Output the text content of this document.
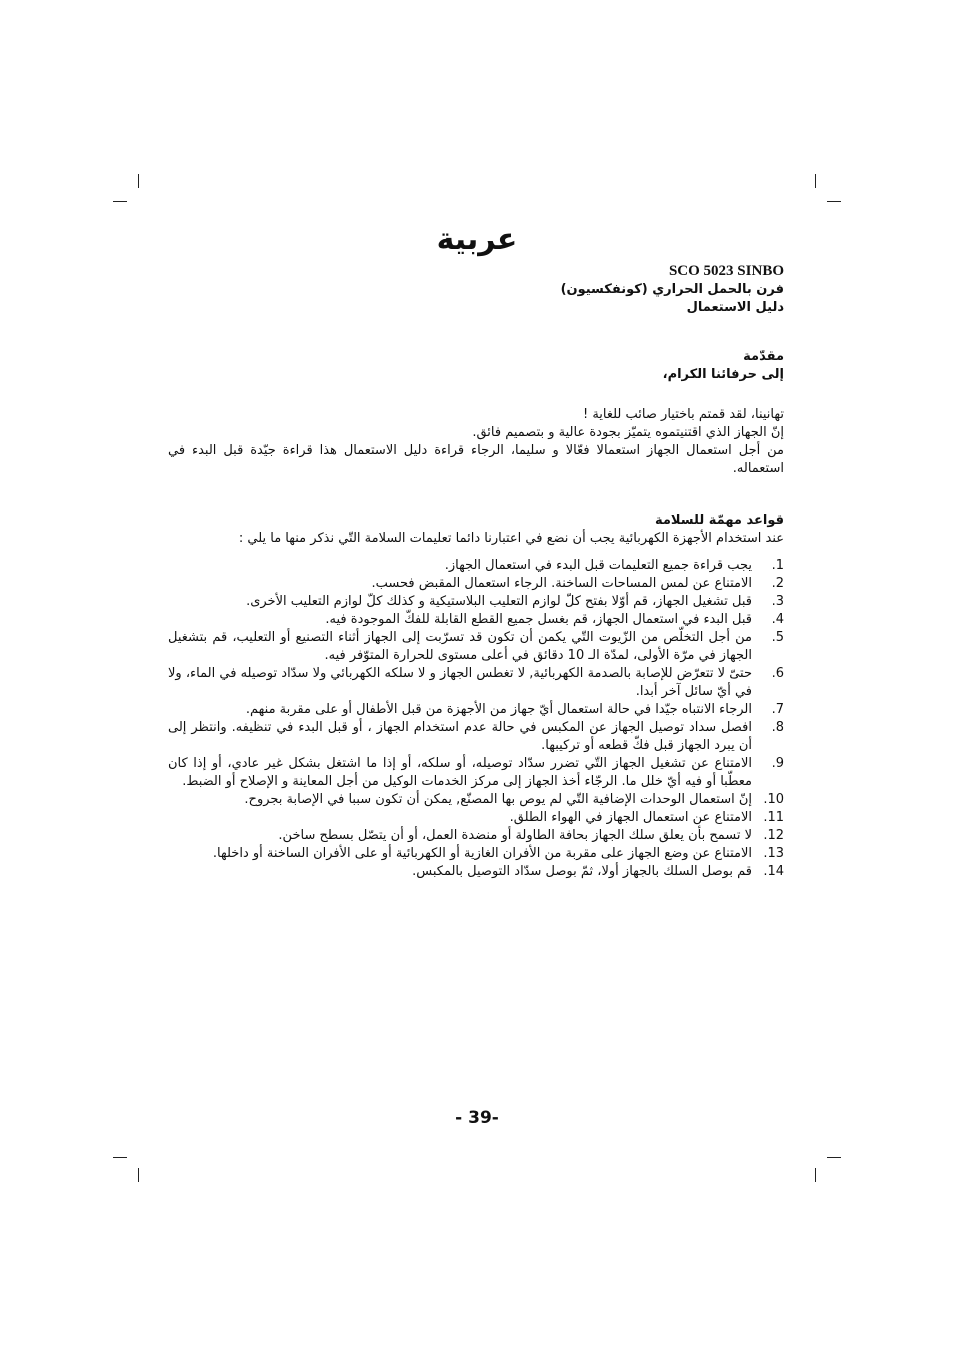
عربية
SCO 5023 SINBO
فرن بالحمل الحراري (كونفكسيون)
دليل الاستعمال
مقدّمة
إلى حرفائنا الكرام،
تهانينا، لقد قمتم باختيار صائب للغاية !
إنّ الجهاز الذي اقتنيتموه يتميّز بجودة عالية و بتصميم فائق.
من أجل استعمال الجهاز استعمالا فعّالا و سليما، الرجاء قراءة دليل الاستعمال هذا قراءة جيّدة قبل البدء في استعماله.
قواعد مهمّة للسلامة
عند استخدام الأجهزة الكهربائية يجب أن نضع في اعتبارنا دائما تعليمات السلامة التّي نذكر منها ما يلي :
1.
يجب قراءة جميع التعليمات قبل البدء في استعمال الجهاز.
2.
الامتناع عن لمس المساحات الساخنة. الرجاء استعمال المقبض فحسب.
3.
قبل تشغيل الجهاز، قم أوّلا بفتح كلّ لوازم التعليب البلاستيكية و كذلك كلّ لوازم التعليب الأخرى.
4.
قبل البدء في استعمال الجهاز، قم بغسل جميع القطع القابلة للفكّ الموجودة فيه.
5.
من أجل التخلّص من الزّيوت التّي يكمن أن تكون قد تسرّبت إلى الجهاز أثناء التصنيع أو التعليب، قم بتشغيل الجهاز في مرّة الأولى، لمدّة الـ 10 دقائق في أعلى مستوى للحرارة المتوّفر فيه.
6.
حتىّ لا تتعرّض للإصابة بالصدمة الكهربائية, لا تغطس الجهاز و لا سلكه الكهربائي ولا سدّاد توصيله في الماء، ولا في أيّ سائل آخر أبدا.
7.
الرجاء الانتباه جيّدا في حالة استعمال أيّ جهاز من الأجهزة من قبل الأطفال أو على مقربة منهم.
8.
افصل سداد توصيل الجهاز عن المكبس في حالة عدم استخدام الجهاز ، أو قبل البدء في تنظيفه. وانتظر إلى أن يبرد الجهاز قبل فكّ قطعه أو تركيبها.
9.
الامتناع عن تشغيل الجهاز التّي تضرر سدّاد توصيله، أو سلكه، أو إذا ما اشتغل بشكل غير عادي، أو إذا كان معطّبا أو فيه أيّ خلل ما. الرجّاء أخذ الجهاز إلى مركز الخدمات الوكيل من أجل المعاينة و الإصلاح أو الضبط.
10.
إنّ استعمال الوحدات الإضافية التّي لم يوص بها المصنّع, يمكن أن تكون سببا في الإصابة بجروح.
11.
الامتناع عن استعمال الجهاز في الهواء الطلق.
12.
لا تسمح بأن يعلق سلك الجهاز بحافة الطاولة أو منضدة العمل، أو أن يتصّل بسطح ساخن.
13.
الامتناع عن وضع الجهاز على مقربة من الأفران الغازية أو الكهربائية أو على الأفران الساخنة أو داخلها.
14.
قم بوصل السلك بالجهاز أولا، ثمّ بوصل سدّاد التوصيل بالمكبس.
- 39-
